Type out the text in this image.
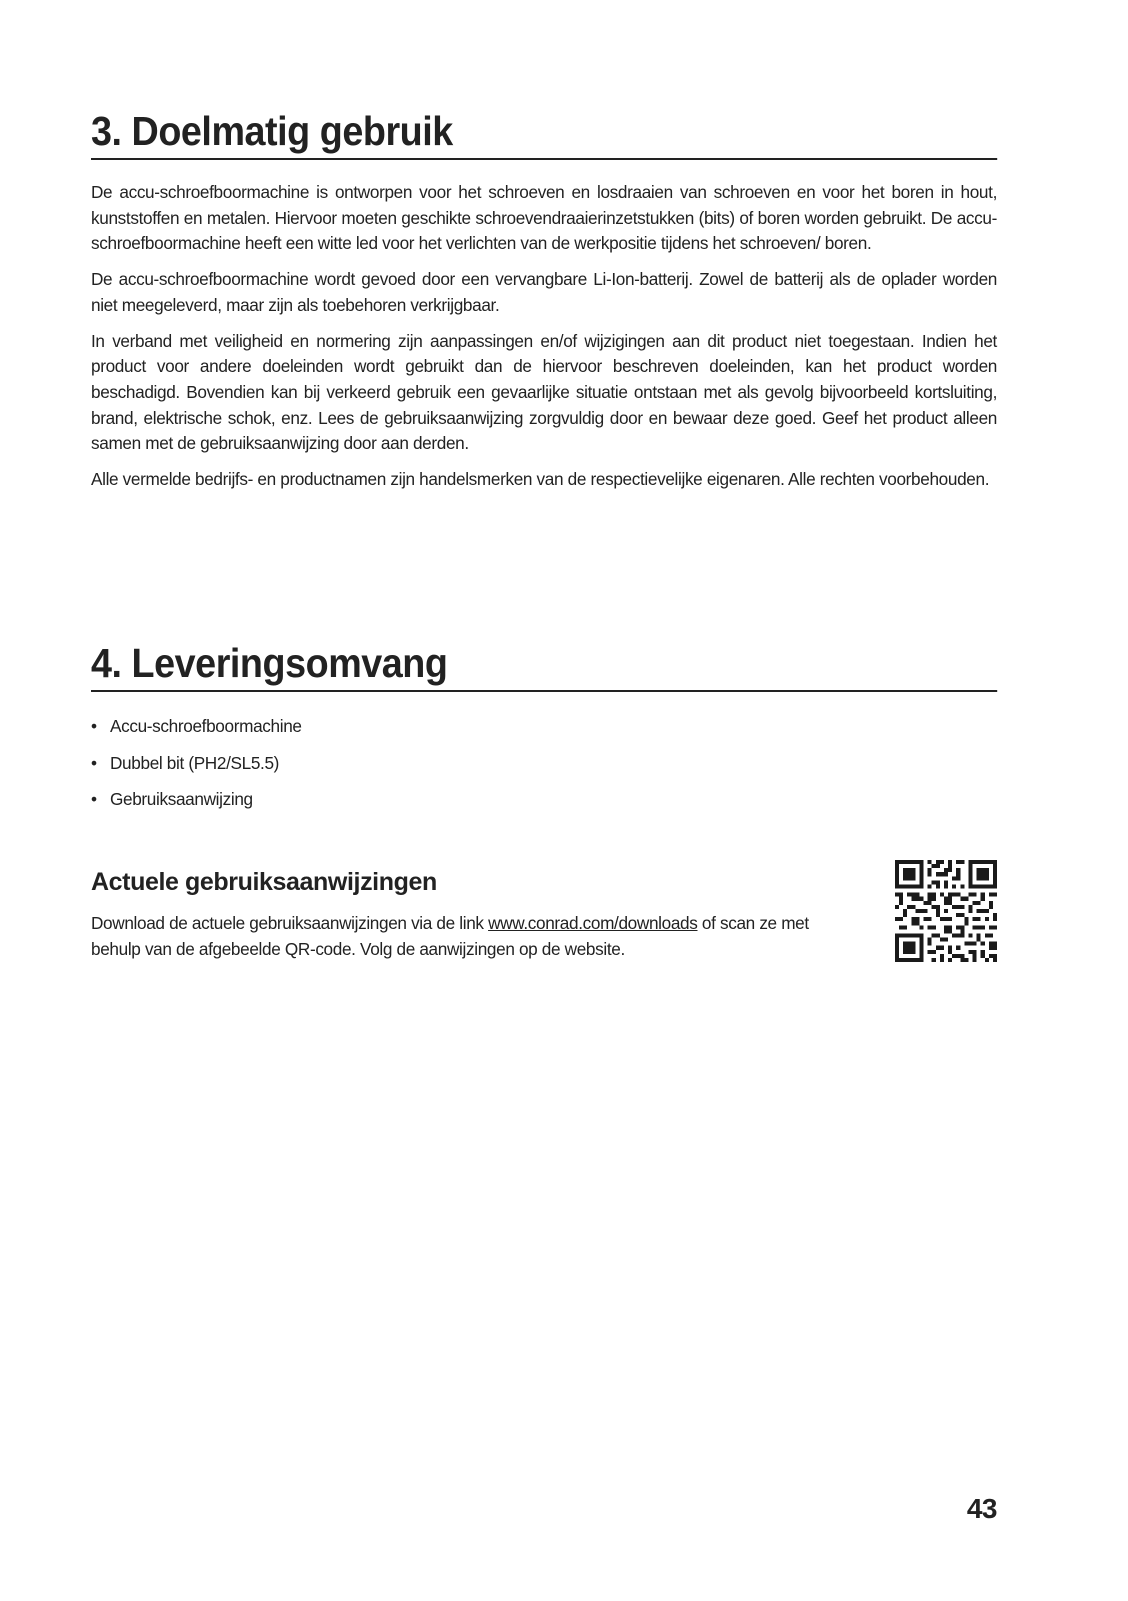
3. Doelmatig gebruik

De accu-schroefboormachine is ontworpen voor het schroeven en losdraaien van schroeven en voor het boren in hout, kunststoffen en metalen. Hiervoor moeten geschikte schroevendraaierinzetstukken (bits) of boren worden gebruikt. De accu-schroefboormachine heeft een witte led voor het verlichten van de werkpositie tijdens het schroeven/ boren.

De accu-schroefboormachine wordt gevoed door een vervangbare Li-Ion-batterij. Zowel de batterij als de oplader worden niet meegeleverd, maar zijn als toebehoren verkrijgbaar.

In verband met veiligheid en normering zijn aanpassingen en/of wijzigingen aan dit product niet toegestaan. Indien het product voor andere doeleinden wordt gebruikt dan de hiervoor beschreven doeleinden, kan het product worden beschadigd. Bovendien kan bij verkeerd gebruik een gevaarlijke situatie ontstaan met als gevolg bijvoorbeeld kortsluiting, brand, elektrische schok, enz. Lees de gebruiksaanwijzing zorgvuldig door en bewaar deze goed. Geef het product alleen samen met de gebruiksaanwijzing door aan derden.

Alle vermelde bedrijfs- en productnamen zijn handelsmerken van de respectievelijke eigenaren. Alle rechten voorbehouden.

4. Leveringsomvang
• Accu-schroefboormachine
• Dubbel bit (PH2/SL5.5)
• Gebruiksaanwijzing
Actuele gebruiksaanwijzingen
Download de actuele gebruiksaanwijzingen via de link www.conrad.com/downloads of scan ze met behulp van de afgebeelde QR-code. Volg de aanwijzingen op de website.
43
